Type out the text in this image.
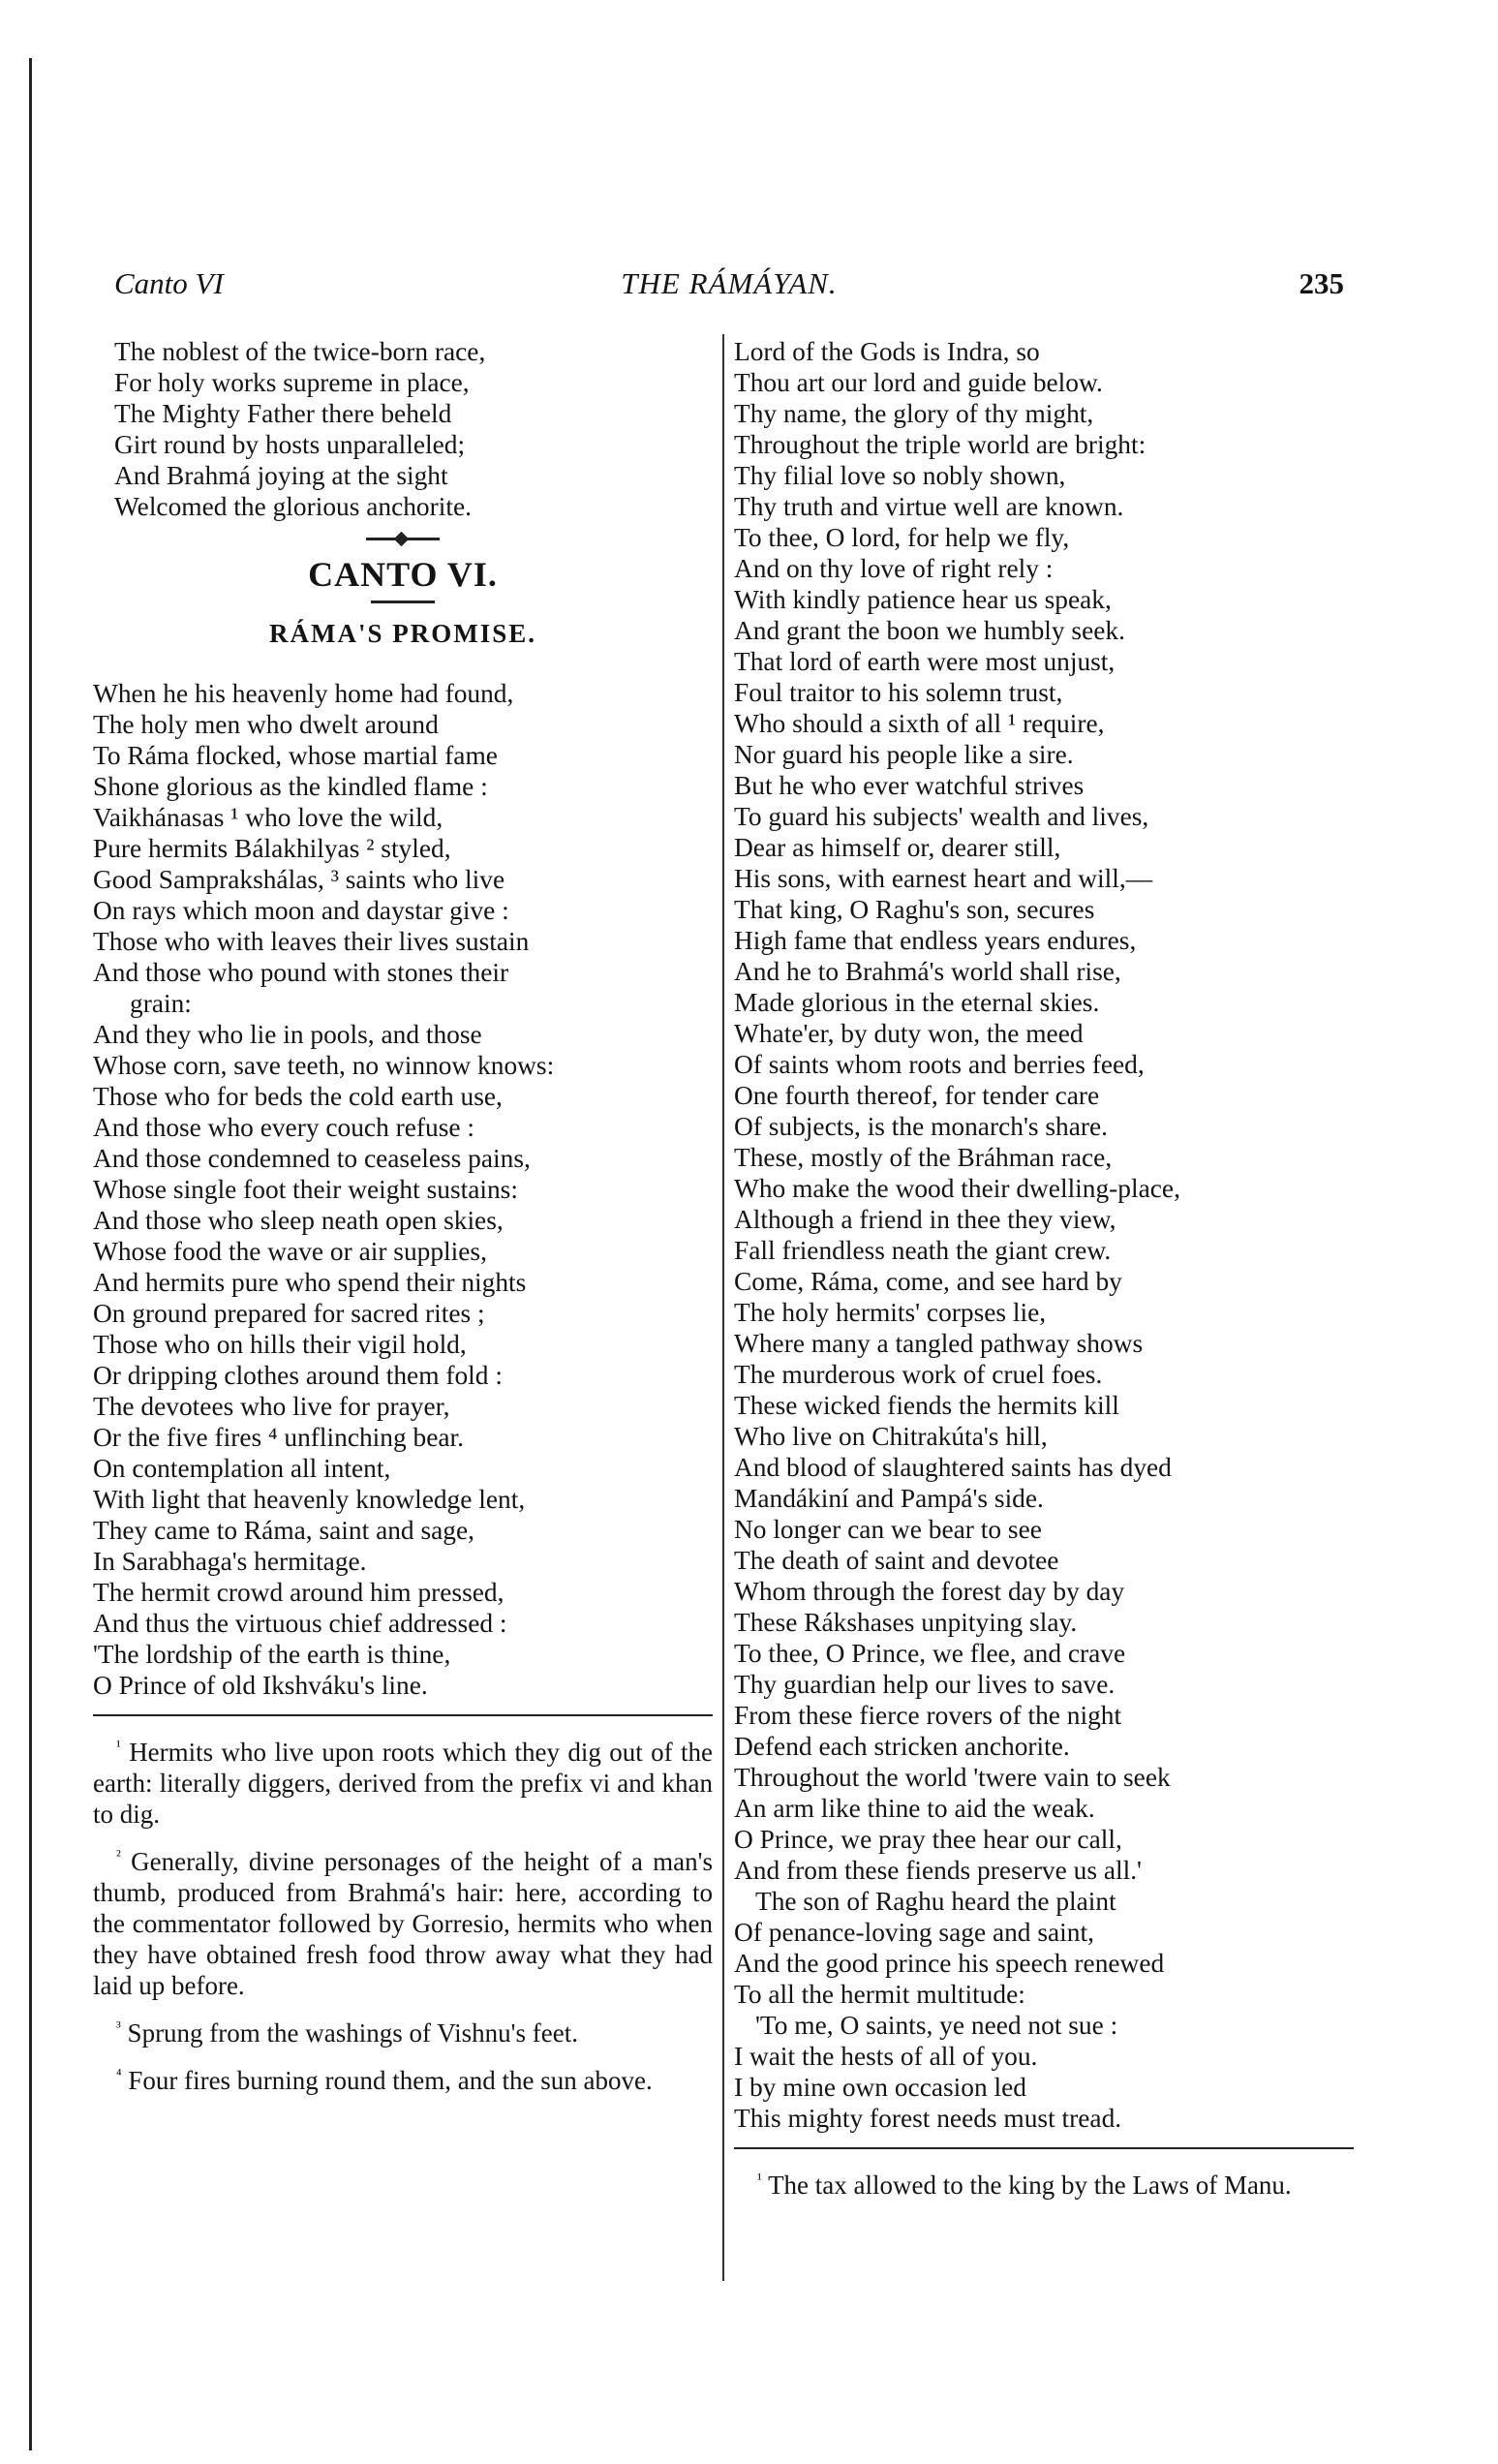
Canto VI	THE RÁMÁYAN.	235

The noblest of the twice-born race,

For holy works supreme in place,

The Mighty Father there beheld

Girt round by hosts unparalleled;

And Brahmá joying at the sight

Welcomed the glorious anchorite.

CANTO VI.
RÁMA'S PROMISE.

When he his heavenly home had found,

The holy men who dwelt around

To Ráma flocked, whose martial fame

Shone glorious as the kindled flame :

Vaikhánasas ¹ who love the wild,

Pure hermits Bálakhilyas ² styled,

Good Samprakshálas, ³ saints who live

On rays which moon and daystar give :

Those who with leaves their lives sustain

And those who pound with stones their

grain:

And they who lie in pools, and those

Whose corn, save teeth, no winnow knows:

Those who for beds the cold earth use,

And those who every couch refuse :

And those condemned to ceaseless pains,

Whose single foot their weight sustains:

And those who sleep neath open skies,

Whose food the wave or air supplies,

And hermits pure who spend their nights

On ground prepared for sacred rites ;

Those who on hills their vigil hold,

Or dripping clothes around them fold :

The devotees who live for prayer,

Or the five fires ⁴ unflinching bear.

On contemplation all intent,

With light that heavenly knowledge lent,

They came to Ráma, saint and sage,

In Sarabhaga's hermitage.

The hermit crowd around him pressed,

And thus the virtuous chief addressed :

'The lordship of the earth is thine,

O Prince of old Ikshváku's line.

$^{^1}$ Hermits who live upon roots which they dig out of the earth: literally diggers, derived from the prefix vi and khan to dig.

$^{^2}$ Generally, divine personages of the height of a man's thumb, produced from Brahmá's hair: here, according to the commentator followed by Gorresio, hermits who when they have obtained fresh food throw away what they had laid up before.

$^{^3}$ Sprung from the washings of Vishnu's feet.

$^{^4}$ Four fires burning round them, and the sun above.

Lord of the Gods is Indra, so

Thou art our lord and guide below.

Thy name, the glory of thy might,

Throughout the triple world are bright:

Thy filial love so nobly shown,

Thy truth and virtue well are known.

To thee, O lord, for help we fly,

And on thy love of right rely :

With kindly patience hear us speak,

And grant the boon we humbly seek.

That lord of earth were most unjust,

Foul traitor to his solemn trust,

Who should a sixth of all ¹ require,

Nor guard his people like a sire.

But he who ever watchful strives

To guard his subjects' wealth and lives,

Dear as himself or, dearer still,

His sons, with earnest heart and will,—

That king, O Raghu's son, secures

High fame that endless years endures,

And he to Brahmá's world shall rise,

Made glorious in the eternal skies.

Whate'er, by duty won, the meed

Of saints whom roots and berries feed,

One fourth thereof, for tender care

Of subjects, is the monarch's share.

These, mostly of the Bráhman race,

Who make the wood their dwelling-place,

Although a friend in thee they view,

Fall friendless neath the giant crew.

Come, Ráma, come, and see hard by

The holy hermits' corpses lie,

Where many a tangled pathway shows

The murderous work of cruel foes.

These wicked fiends the hermits kill

Who live on Chitrakúta's hill,

And blood of slaughtered saints has dyed

Mandákiní and Pampá's side.

No longer can we bear to see

The death of saint and devotee

Whom through the forest day by day

These Rákshases unpitying slay.

To thee, O Prince, we flee, and crave

Thy guardian help our lives to save.

From these fierce rovers of the night

Defend each stricken anchorite.

Throughout the world 'twere vain to seek

An arm like thine to aid the weak.

O Prince, we pray thee hear our call,

And from these fiends preserve us all.'

The son of Raghu heard the plaint

Of penance-loving sage and saint,

And the good prince his speech renewed

To all the hermit multitude:

'To me, O saints, ye need not sue :

I wait the hests of all of you.

I by mine own occasion led

This mighty forest needs must tread.

$^{^1}$ The tax allowed to the king by the Laws of Manu.
